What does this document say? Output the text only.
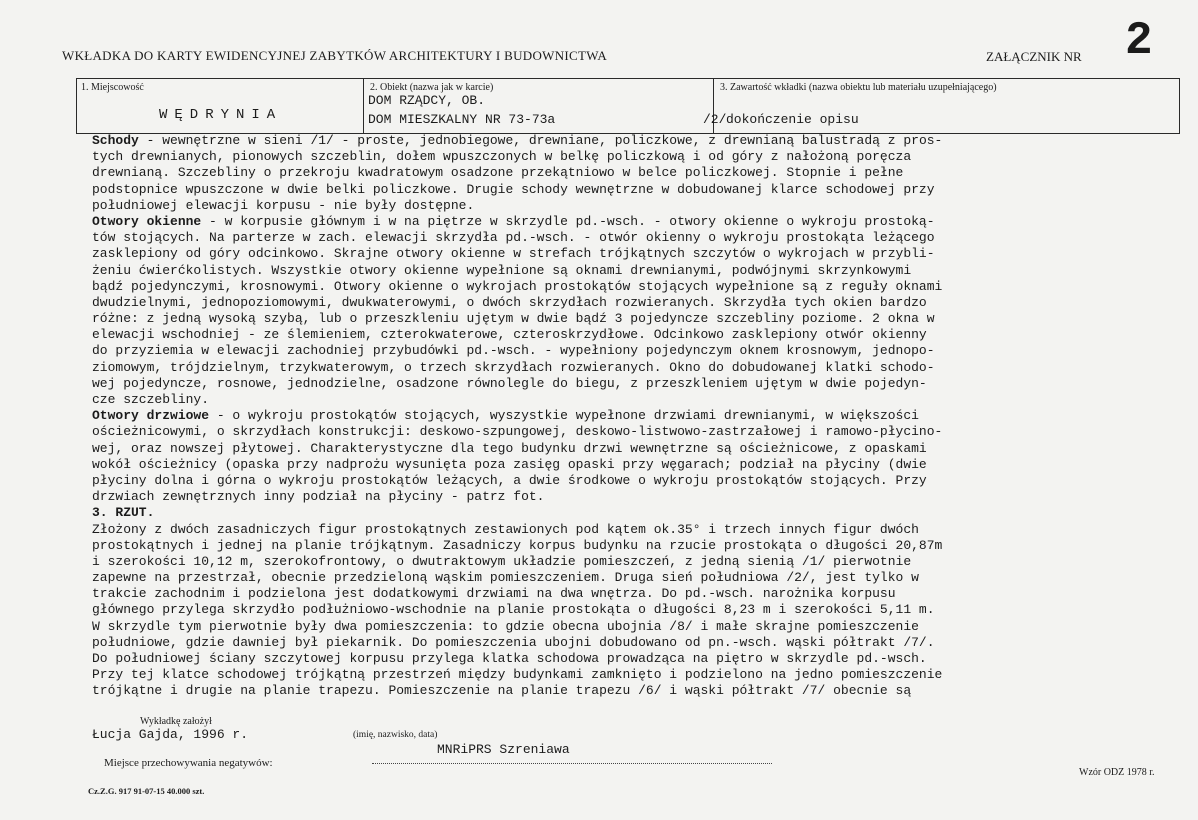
WKŁADKA DO KARTY EWIDENCYJNEJ ZABYTKÓW ARCHITEKTURY I BUDOWNICTWA	ZAŁĄCZNIK NR 2
1. Miejscowość
WĘDRYNIA
2. Obiekt (nazwa jak w karcie)
DOM RZĄDCY, OB.
DOM MIESZKALNY NR 73-73a
3. Zawartość wkładki (nazwa obiektu lub materiału uzupełniającego)
dokończenie opisu
/2/
Schody - wewnętrzne w sieni /1/ - proste, jednobiegowe, drewniane, policzkowe, z drewnianą balustradą z pros-
tych drewnianych, pionowych szczeblin, dołem wpuszczonych w belkę policzkową i od góry z nałożoną poręcza
drewnianą. Szczebliny o przekroju kwadratowym osadzone przekątniowo w belce policzkowej. Stopnie i pełne
podstopnice wpuszczone w dwie belki policzkowe. Drugie schody wewnętrzne w dobudowanej klarce schodowej przy
południowej elewacji korpusu - nie były dostępne.
Otwory okienne - w korpusie głównym i w na piętrze w skrzydle pd.-wsch. - otwory okienne o wykroju prostoką-
tów stojących. Na parterze w zach. elewacji skrzydła pd.-wsch. - otwór okienny o wykroju prostokąta leżącego
zasklepiony od góry odcinkowo. Skrajne otwory okienne w strefach trójkątnych szczytów o wykrojach w przybli-
żeniu ćwierćkolistych. Wszystkie otwory okienne wypełnione są oknami drewnianymi, podwójnymi skrzynkowymi
bądź pojedynczymi, krosnowymi. Otwory okienne o wykrojach prostokątów stojących wypełnione są z reguły oknami
dwudzielnymi, jednopoziomowymi, dwukwaterowymi, o dwóch skrzydłach rozwieranych. Skrzydła tych okien bardzo
różne: z jedną wysoką szybą, lub o przeszkleniu ujętym w dwie bądź 3 pojedyncze szczebliny poziome. 2 okna w
elewacji wschodniej - ze ślemieniem, czterokwaterowe, czteroskrzydłowe. Odcinkowo zasklepiony otwór okienny
do przyziemia w elewacji zachodniej przybudówki pd.-wsch. - wypełniony pojedynczym oknem krosnowym, jednopo-
ziomowym, trójdzielnym, trzykwaterowym, o trzech skrzydłach rozwieranych. Okno do dobudowanej klatki schodo-
wej pojedyncze, rosnowe, jednodzielne, osadzone równolegle do biegu, z przeszkleniem ujętym w dwie pojedyn-
cze szczebliny.
Otwory drzwiowe - o wykroju prostokątów stojących, wyszystkie wypełnone drzwiami drewnianymi, w większości
ościeżnicowymi, o skrzydłach konstrukcji: deskowo-szpungowej, deskowo-listwowo-zastrzałowej i ramowo-płycino-
wej, oraz nowszej płytowej. Charakterystyczne dla tego budynku drzwi wewnętrzne są ościeżnicowe, z opaskami
wokół ościeżnicy (opaska przy nadprożu wysunięta poza zasięg opaski przy węgarach; podział na płyciny (dwie
płyciny dolna i górna o wykroju prostokątów leżących, a dwie środkowe o wykroju prostokątów stojących. Przy
drzwiach zewnętrznych inny podział na płyciny - patrz fot.
3. RZUT.
Złożony z dwóch zasadniczych figur prostokątnych zestawionych pod kątem ok.35° i trzech innych figur dwóch
prostokątnych i jednej na planie trójkątnym. Zasadniczy korpus budynku na rzucie prostokąta o długości 20,87m
i szerokości 10,12 m, szerokofrontowy, o dwutraktowym układzie pomieszczeń, z jedną sienią /1/ pierwotnie
zapewne na przestrzał, obecnie przedzieloną wąskim pomieszczeniem. Druga sień południowa /2/, jest tylko w
trakcie zachodnim i podzielona jest dodatkowymi drzwiami na dwa wnętrza. Do pd.-wsch. narożnika korpusu
głównego przylega skrzydło podłużniowo-wschodnie na planie prostokąta o długości 8,23 m i szerokości 5,11 m.
W skrzydle tym pierwotnie były dwa pomieszczenia: to gdzie obecna ubojnia /8/ i małe skrajne pomieszczenie
południowe, gdzie dawniej był piekarnik. Do pomieszczenia ubojni dobudowano od pn.-wsch. wąski półtrakt /7/.
Do południowej ściany szczytowej korpusu przylega klatka schodowa prowadząca na piętro w skrzydle pd.-wsch.
Przy tej klatce schodowej trójkątną przestrzeń między budynkami zamknięto i podzielono na jedno pomieszczenie
trójkątne i drugie na planie trapezu. Pomieszczenie na planie trapezu /6/ i wąski półtrakt /7/ obecnie są
Wykładkę założył
Łucja Gajda, 1996 r.	(imię, nazwisko, data)
MNRiPRS Szreniawa
Miejsce przechowywania negatywów:
Wzór ODZ 1978 r.
Cz.Z.G. 917 91-07-15 40.000 szt.
